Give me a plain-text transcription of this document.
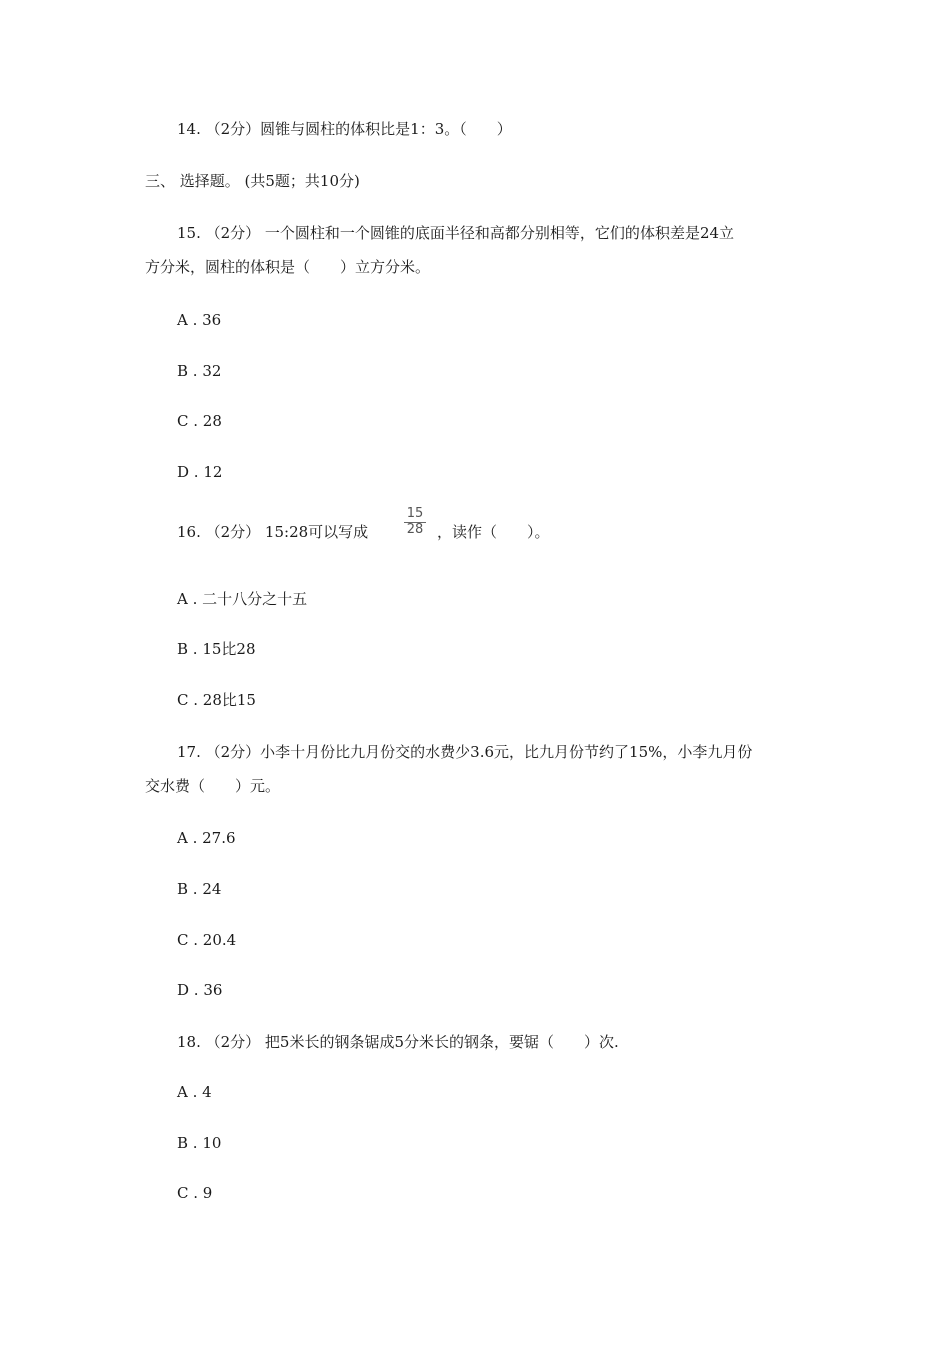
14. （2分）圆锥与圆柱的体积比是1：3。（　　）
三、 选择题。 (共5题；共10分)
15. （2分） 一个圆柱和一个圆锥的底面半径和高都分别相等，它们的体积差是24立
方分米，圆柱的体积是（　　）立方分米。
A . 36
B . 32
C . 28
D . 12
16. （2分） 15:28可以写成
15
28 ，读作（　　）。
A . 二十八分之十五
B . 15比28
C . 28比15
17. （2分）小李十月份比九月份交的水费少3.6元，比九月份节约了15%，小李九月份
交水费（　　）元。
A . 27.6
B . 24
C . 20.4
D . 36
18. （2分） 把5米长的钢条锯成5分米长的钢条，要锯（　　）次.
A . 4
B . 10
C . 9
